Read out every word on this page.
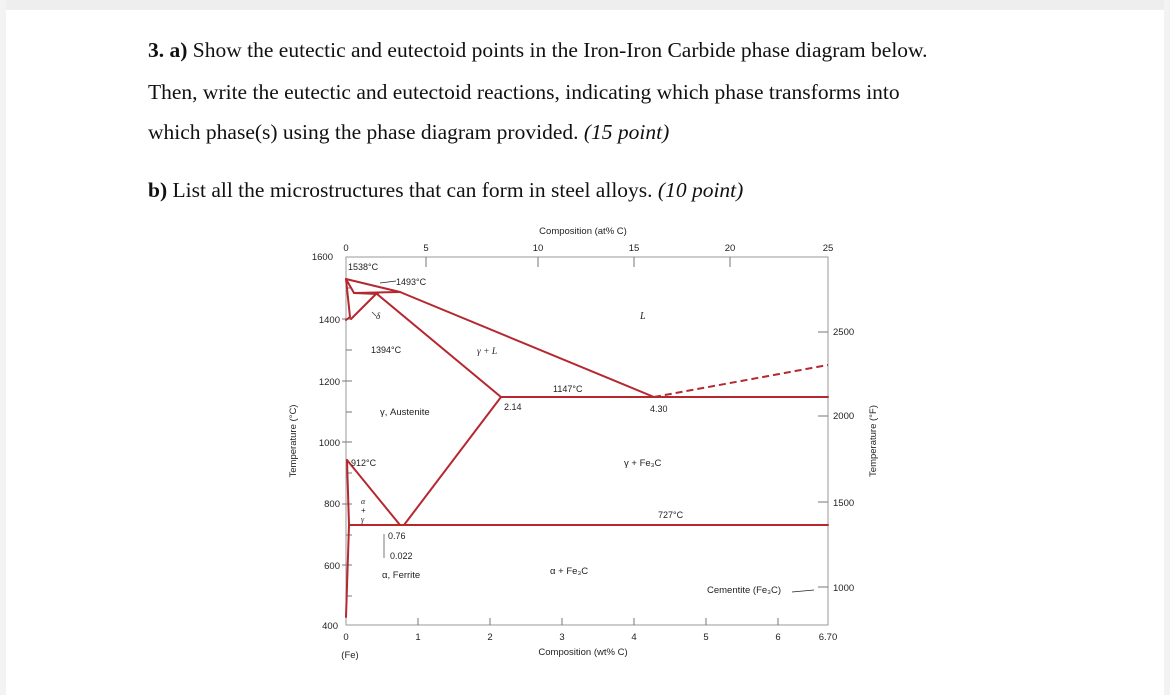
3. a) Show the eutectic and eutectoid points in the Iron-Iron Carbide phase diagram below.
Then, write the eutectic and eutectoid reactions, indicating which phase transforms into
which phase(s) using the phase diagram provided. (15 point)
b) List all the microstructures that can form in steel alloys. (10 point)
Composition (at% C)
0	5	10	15	20	25
1600
1400
1200
1000
800
600
400
Temperature (°C)
2500
2000
1500
1000
Temperature (°F)
0	1	2	3	4	5	6	6.70
(Fe)	Composition (wt% C)
1538°C
1493°C
1394°C
1147°C
912°C
727°C
2.14	4.30
0.76
0.022
δ	L
γ + L
γ, Austenite
γ + Fe₃C
α
+
γ
α, Ferrite	α + Fe₃C
Cementite (Fe₃C)
